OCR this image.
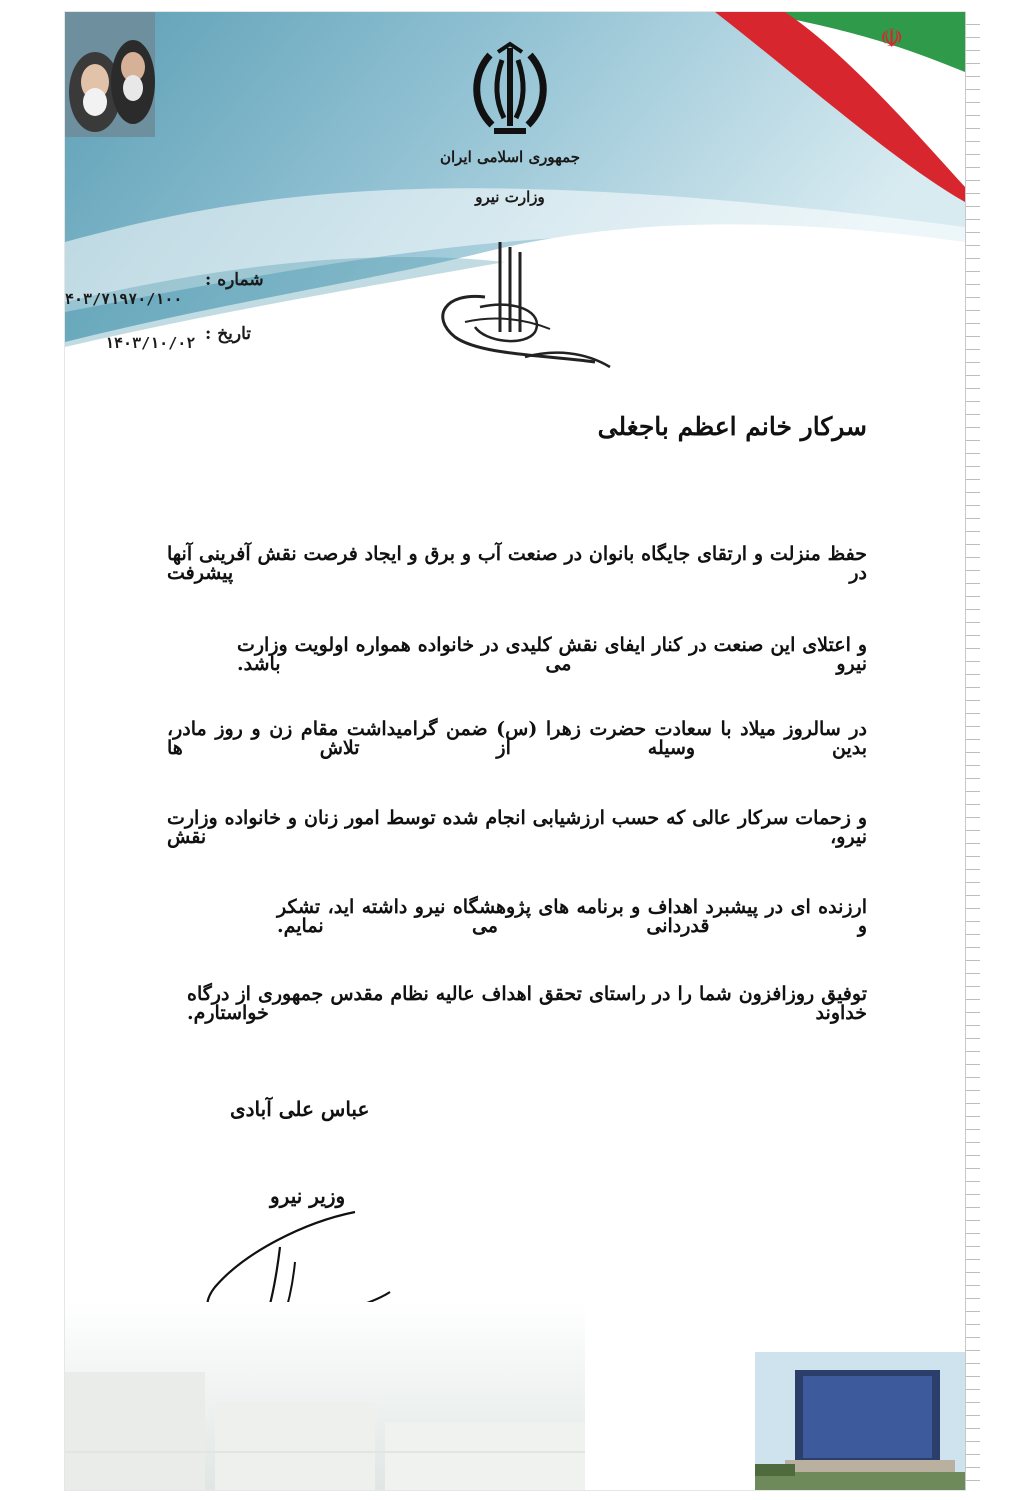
☫
جمهوری اسلامی ایران
وزارت نیرو
شماره :
۴۰۳/۷۱۹۷۰/۱۰۰
تاریخ :
۱۴۰۳/۱۰/۰۲
سرکار خانم اعظم باجغلی
حفظ منزلت و ارتقای جایگاه بانوان در صنعت آب و برق و ایجاد فرصت نقش آفرینی آنها در پیشرفت
و اعتلای این صنعت در کنار ایفای نقش کلیدی در خانواده همواره اولویت وزارت نیرو می باشد.
در سالروز میلاد با سعادت حضرت زهرا (س) ضمن گرامیداشت مقام زن و روز مادر، بدین وسیله از تلاش ها
و زحمات سرکار عالی که حسب ارزشیابی انجام شده توسط امور زنان و خانواده وزارت نیرو، نقش
ارزنده ای در پیشبرد اهداف و برنامه های پژوهشگاه نیرو داشته اید، تشکر و قدردانی می نمایم.
توفیق روزافزون شما را در راستای تحقق اهداف عالیه نظام مقدس جمهوری از درگاه خداوند خواستارم.
عباس علی آبادی
وزیر نیرو
